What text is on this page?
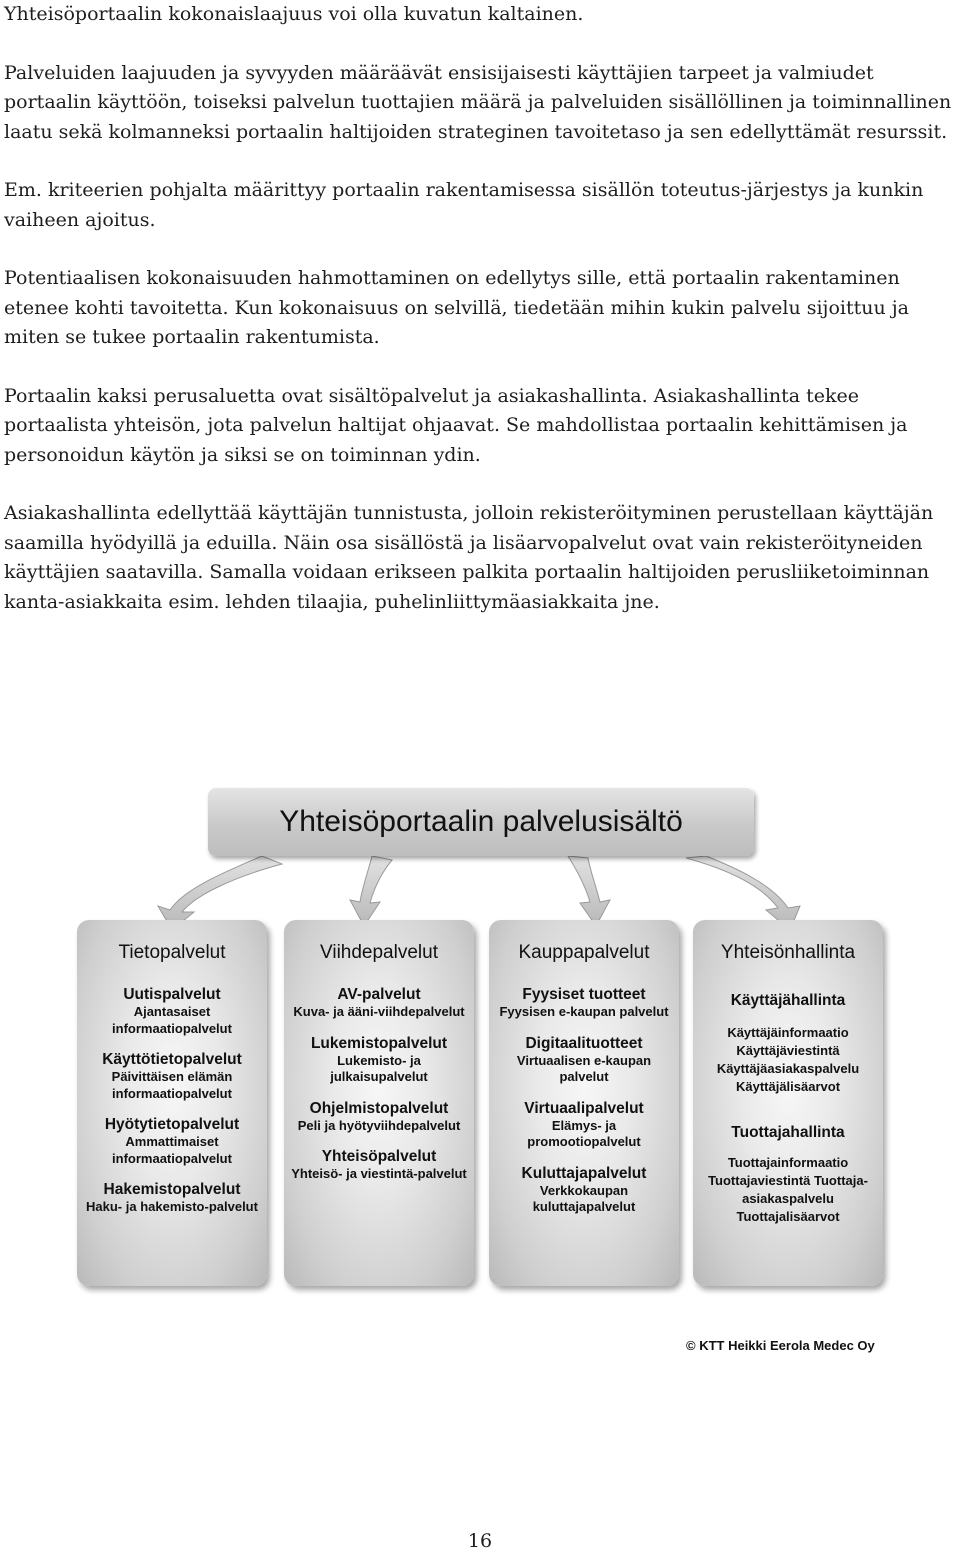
Yhteisöportaalin kokonaislaajuus voi olla kuvatun kaltainen.

Palveluiden laajuuden ja syvyyden määräävät ensisijaisesti käyttäjien tarpeet ja valmiudet portaalin käyttöön, toiseksi palvelun tuottajien määrä ja palveluiden sisällöllinen ja toiminnallinen laatu sekä kolmanneksi portaalin haltijoiden strateginen tavoitetaso ja sen edellyttämät resurssit.

Em. kriteerien pohjalta määrittyy portaalin rakentamisessa sisällön toteutus-järjestys ja kunkin vaiheen ajoitus.

Potentiaalisen kokonaisuuden hahmottaminen on edellytys sille, että portaalin rakentaminen etenee kohti tavoitetta. Kun kokonaisuus on selvillä, tiedetään mihin kukin palvelu sijoittuu ja miten se tukee portaalin rakentumista.

Portaalin kaksi perusaluetta ovat sisältöpalvelut ja asiakashallinta. Asiakashallinta tekee portaalista yhteisön, jota palvelun haltijat ohjaavat. Se mahdollistaa portaalin kehittämisen ja personoidun käytön ja siksi se on toiminnan ydin.

Asiakashallinta edellyttää käyttäjän tunnistusta, jolloin rekisteröityminen perustellaan käyttäjän saamilla hyödyillä ja eduilla. Näin osa sisällöstä ja lisäarvopalvelut ovat vain rekisteröityneiden käyttäjien saatavilla. Samalla voidaan erikseen palkita portaalin haltijoiden perusliiketoiminnan kanta-asiakkaita esim. lehden tilaajia, puhelinliittymäasiakkaita jne.

Yhteisöportaalin palvelusisältö
Tietopalvelut
Uutispalvelut
Ajantasaiset informaatiopalvelut
Käyttötietopalvelut
Päivittäisen elämän informaatiopalvelut
Hyötytietopalvelut
Ammattimaiset informaatiopalvelut
Hakemistopalvelut
Haku- ja hakemisto-palvelut
Viihdepalvelut
AV-palvelut
Kuva- ja ääni-viihdepalvelut
Lukemistopalvelut
Lukemisto- ja julkaisupalvelut
Ohjelmistopalvelut
Peli ja hyötyviihdepalvelut
Yhteisöpalvelut
Yhteisö- ja viestintä-palvelut
Kauppapalvelut
Fyysiset tuotteet
Fyysisen e-kaupan palvelut
Digitaalituotteet
Virtuaalisen e-kaupan palvelut
Virtuaalipalvelut
Elämys- ja promootiopalvelut
Kuluttajapalvelut
Verkkokaupan kuluttajapalvelut
Yhteisönhallinta
Käyttäjähallinta
Käyttäjäinformaatio Käyttäjäviestintä Käyttäjäasiakaspalvelu Käyttäjälisäarvot
Tuottajahallinta
Tuottajainformaatio Tuottajaviestintä Tuottaja-asiakaspalvelu Tuottajalisäarvot
© KTT Heikki Eerola Medec Oy
16
